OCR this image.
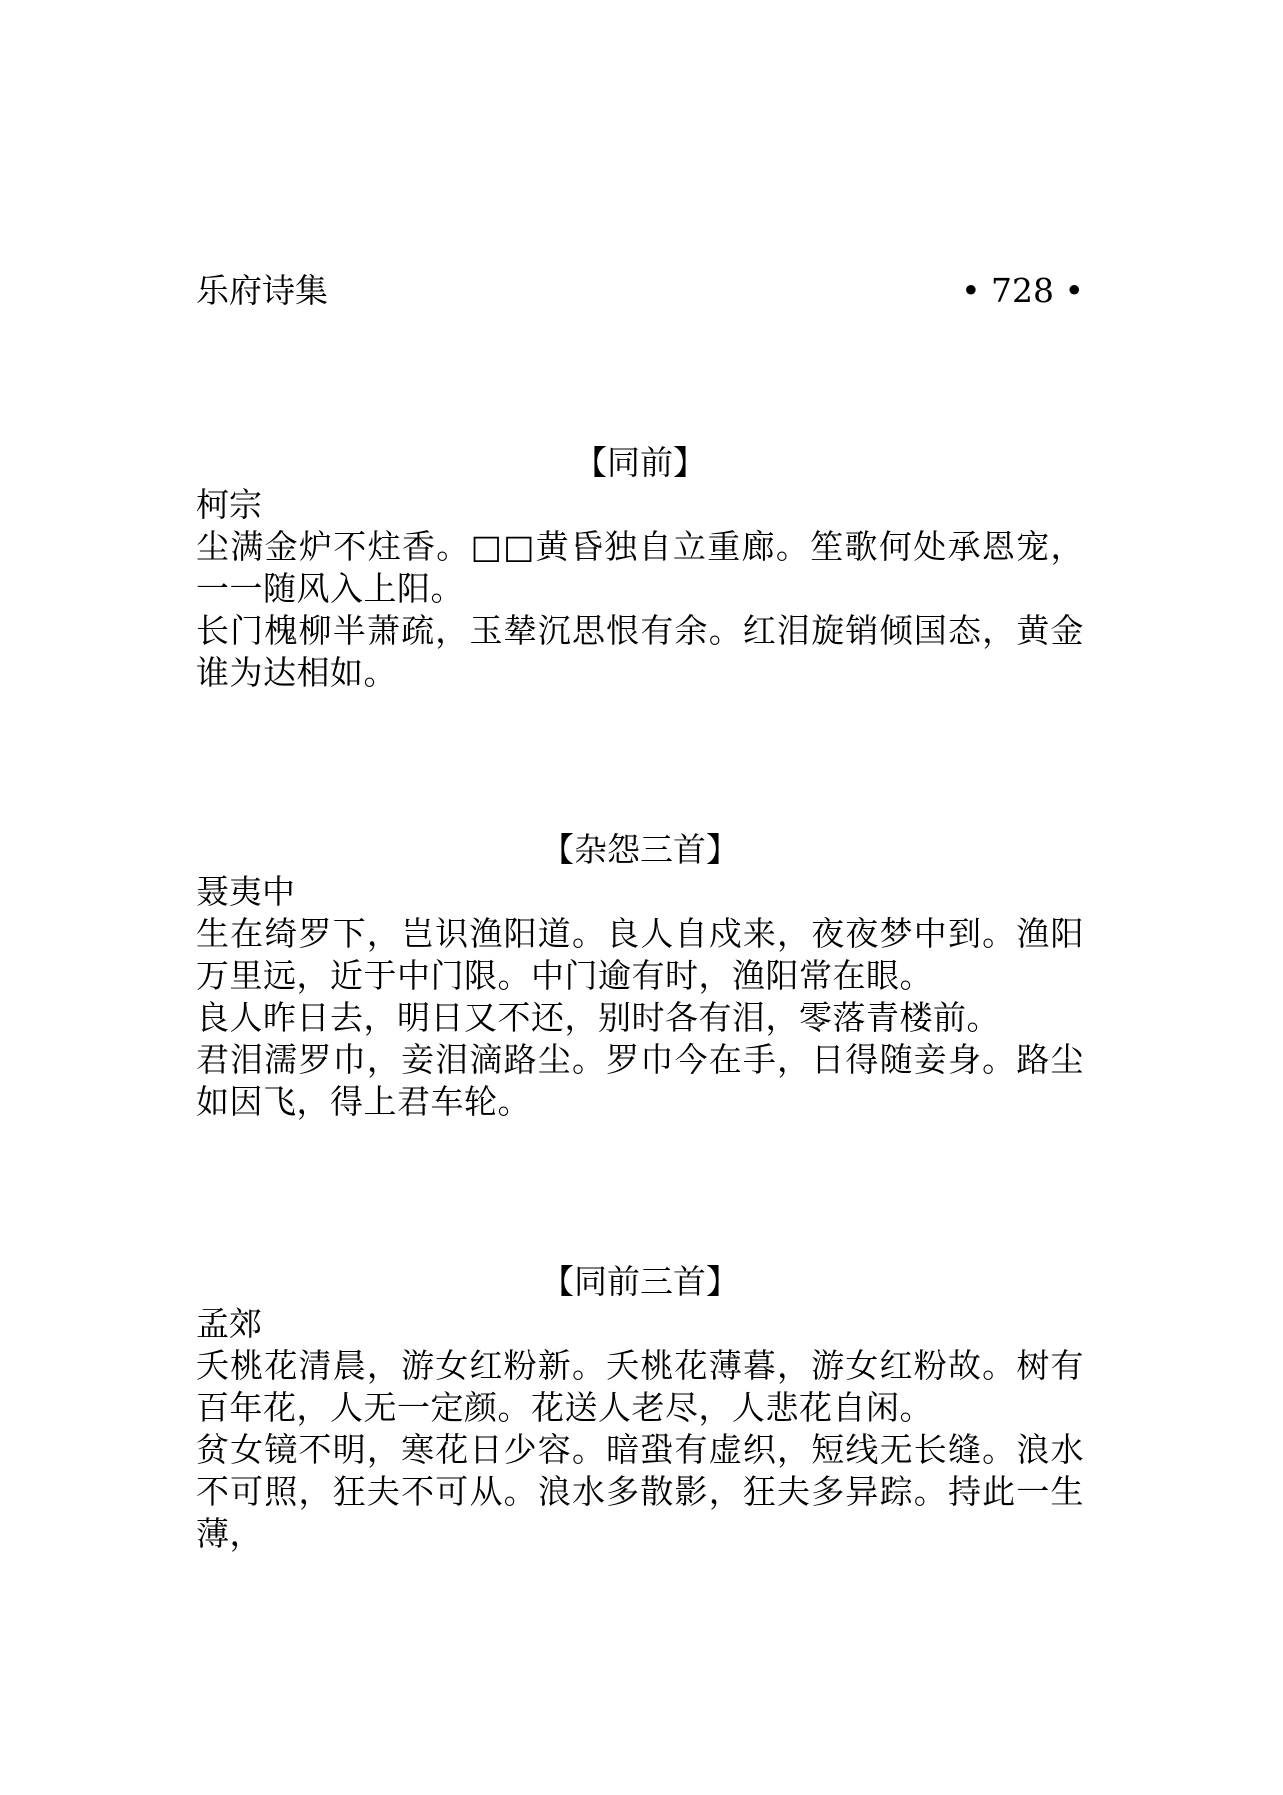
乐府诗集	• 728 •
【同前】

柯宗

尘满金炉不炷香。□□黄昏独自立重廊。笙歌何处承恩宠，一一随风入上阳。

长门槐柳半萧疏，玉辇沉思恨有余。红泪旋销倾国态，黄金谁为达相如。

【杂怨三首】

聂夷中

生在绮罗下，岂识渔阳道。良人自戍来，夜夜梦中到。渔阳万里远，近于中门限。中门逾有时，渔阳常在眼。

良人昨日去，明日又不还，别时各有泪，零落青楼前。

君泪濡罗巾，妾泪滴路尘。罗巾今在手，日得随妾身。路尘如因飞，得上君车轮。

【同前三首】

孟郊

夭桃花清晨，游女红粉新。夭桃花薄暮，游女红粉故。树有百年花，人无一定颜。花送人老尽，人悲花自闲。

贫女镜不明，寒花日少容。暗蛩有虚织，短线无长缝。浪水不可照，狂夫不可从。浪水多散影，狂夫多异踪。持此一生薄，
